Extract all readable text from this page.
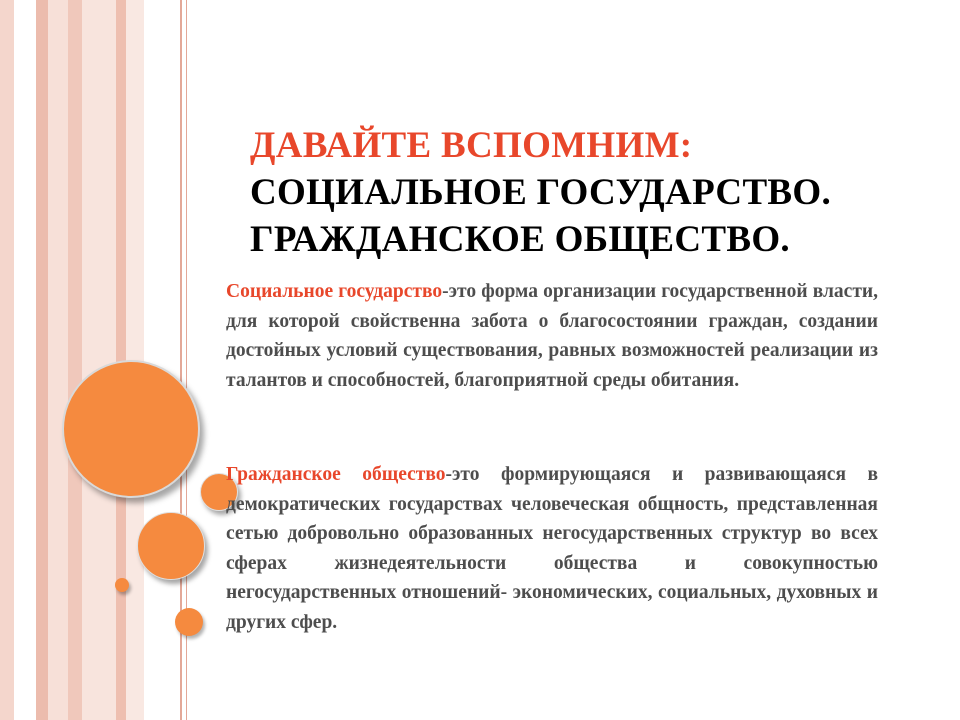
ДАВАЙТЕ ВСПОМНИМ:
СОЦИАЛЬНОЕ ГОСУДАРСТВО.
ГРАЖДАНСКОЕ ОБЩЕСТВО.

Социальное государство-это форма организации государственной власти, для которой свойственна забота о благосостоянии граждан, создании достойных условий существования, равных возможностей реализации из талантов и способностей, благоприятной среды обитания.

Гражданское общество-это формирующаяся и развивающаяся в демократических государствах человеческая общность, представленная сетью добровольно образованных негосударственных структур во всех сферах жизнедеятельности общества и совокупностью негосударственных отношений- экономических, социальных, духовных и других сфер.
